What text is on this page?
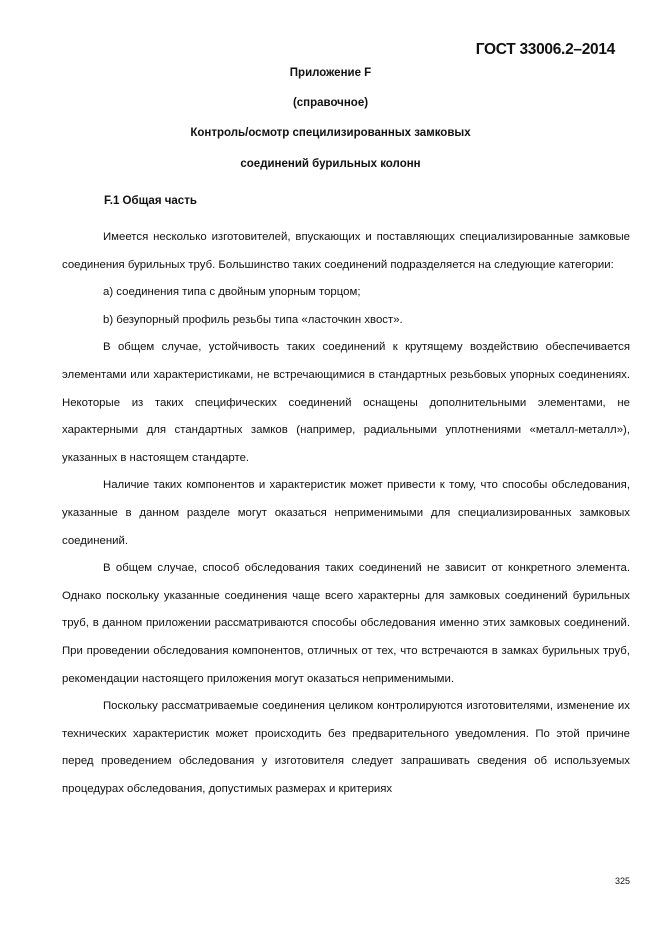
ГОСТ 33006.2–2014

Приложение F

(справочное)

Контроль/осмотр специлизированных замковых

соединений бурильных колонн

F.1 Общая часть

Имеется несколько изготовителей, впускающих и поставляющих специализированные замковые соединения бурильных труб. Большинство таких соединений подразделяется на следующие категории:

a) соединения типа с двойным упорным торцом;

b) безупорный профиль резьбы типа «ласточкин хвост».

В общем случае, устойчивость таких соединений к крутящему воздействию обеспечивается элементами или характеристиками, не встречающимися в стандартных резьбовых упорных соединениях. Некоторые из таких специфических соединений оснащены дополнительными элементами, не характерными для стандартных замков (например, радиальными уплотнениями «металл-металл»), указанных в настоящем стандарте.

Наличие таких компонентов и характеристик может привести к тому, что способы обследования, указанные в данном разделе могут оказаться неприменимыми для специализированных замковых соединений.

В общем случае, способ обследования таких соединений не зависит от конкретного элемента. Однако поскольку указанные соединения чаще всего характерны для замковых соединений бурильных труб, в данном приложении рассматриваются способы обследования именно этих замковых соединений. При проведении обследования компонентов, отличных от тех, что встречаются в замках бурильных труб, рекомендации настоящего приложения могут оказаться неприменимыми.

Поскольку рассматриваемые соединения целиком контролируются изготовителями, изменение их технических характеристик может происходить без предварительного уведомления. По этой причине перед проведением обследования у изготовителя следует запрашивать сведения об используемых процедурах обследования, допустимых размерах и критериях

325
